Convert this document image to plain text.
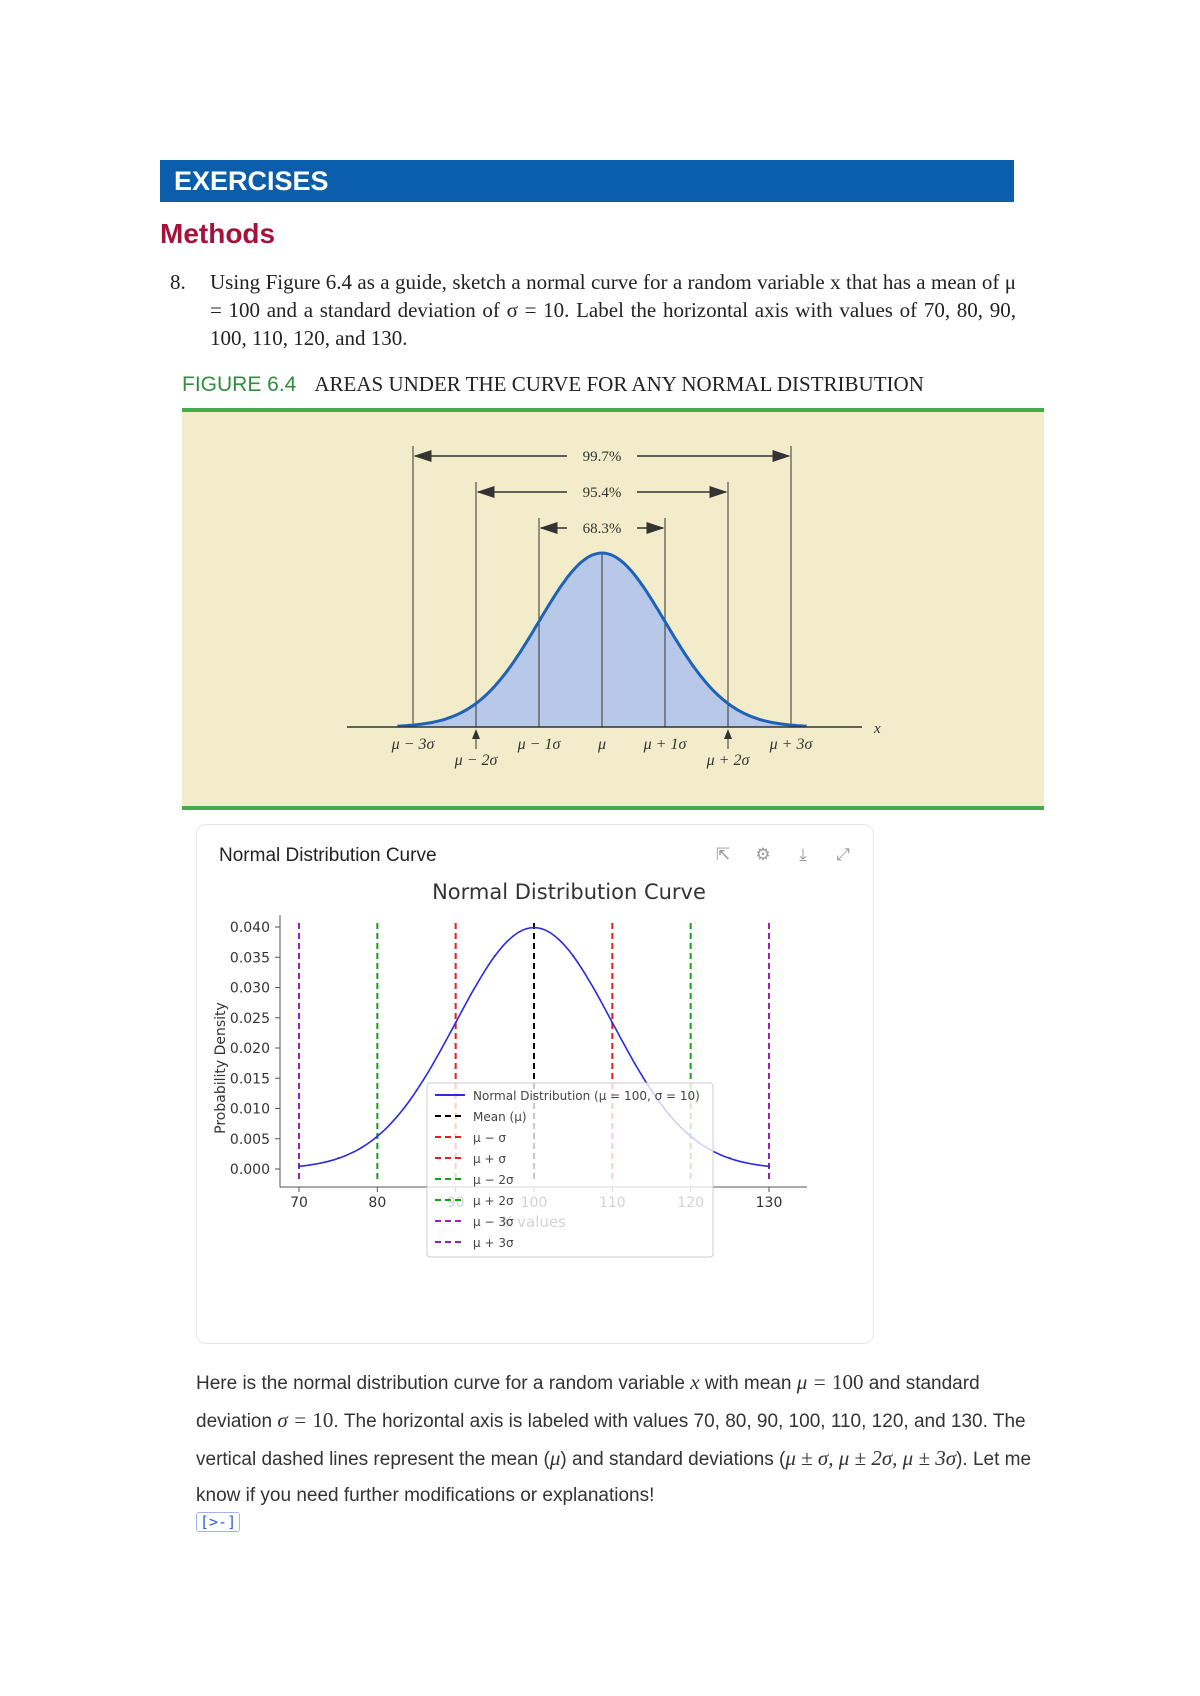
EXERCISES
Methods
8. Using Figure 6.4 as a guide, sketch a normal curve for a random variable x that has a mean of μ = 100 and a standard deviation of σ = 10. Label the horizontal axis with values of 70, 80, 90, 100, 110, 120, and 130.
FIGURE 6.4 AREAS UNDER THE CURVE FOR ANY NORMAL DISTRIBUTION
x
99.7%
95.4%
68.3%
μ − 3σ
μ − 2σ
μ − 1σ μ μ + 1σ
μ + 2σ
μ + 3σ
Normal Distribution Curve	⇱ ⚙	⤓	⤢
Normal Distribution Curve
0.000
0.005
0.010
0.015
0.020
0.025
0.030
0.035
0.040
70	80	130
Probability Density	Normal Distribution (μ = 100, σ = 10)
Mean (μ)
μ − σ
μ + σ
μ − 2σ
μ + 2σ
μ − 3σ
μ + 3σ
Here is the normal distribution curve for a random variable x with mean μ = 100 and standard deviation σ = 10. The horizontal axis is labeled with values 70, 80, 90, 100, 110, 120, and 130. The vertical dashed lines represent the mean (μ) and standard deviations (μ ± σ, μ ± 2σ, μ ± 3σ). Let me know if you need further modifications or explanations!
[>-]
